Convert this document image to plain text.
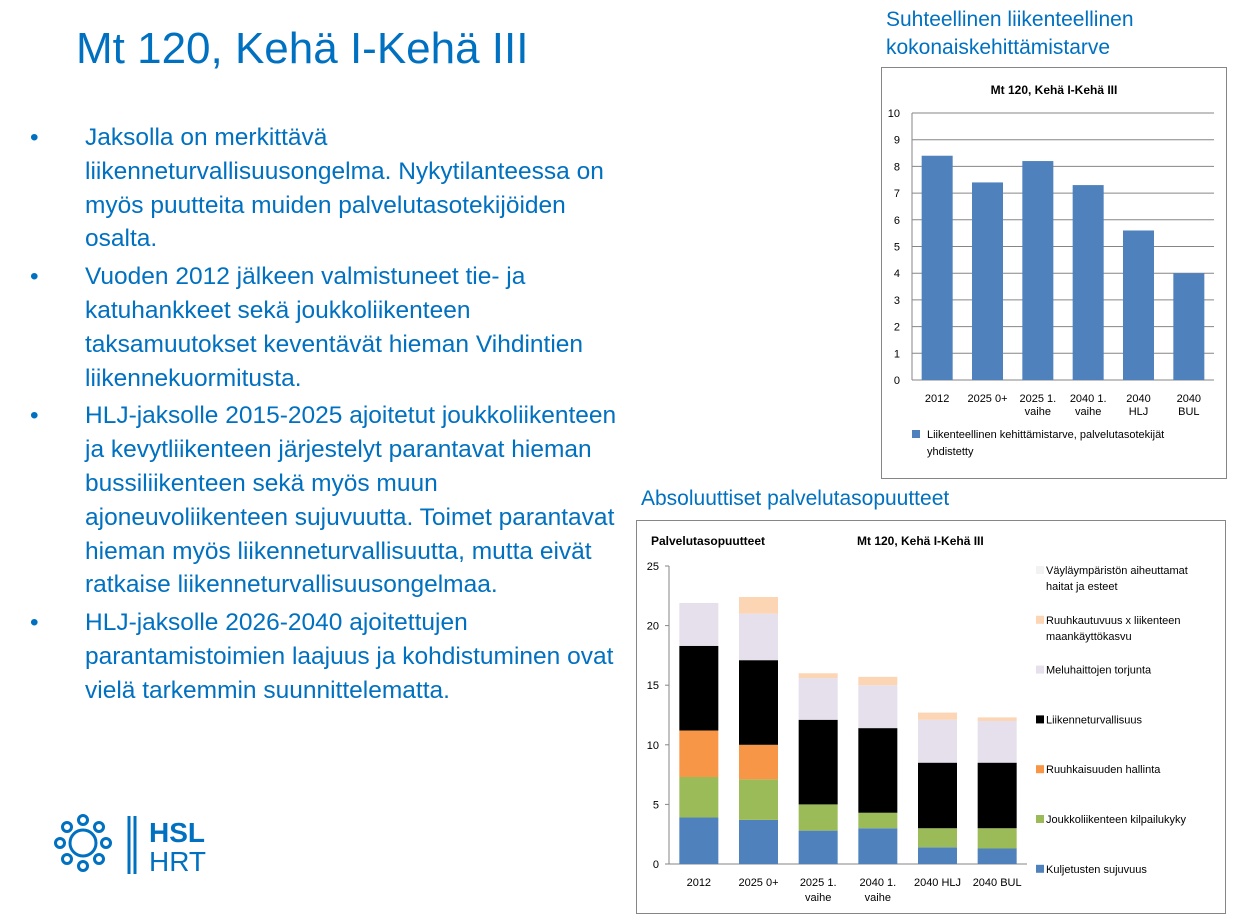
Mt 120, Kehä I-Kehä III
• Jaksolla on merkittävä liikenneturvallisuusongelma. Nykytilanteessa on myös puutteita muiden palvelutasotekijöiden osalta.
• Vuoden 2012 jälkeen valmistuneet tie- ja katuhankkeet sekä joukkoliikenteen taksamuutokset keventävät hieman Vihdintien liikennekuormitusta.
• HLJ-jaksolle 2015-2025 ajoitetut joukkoliikenteen ja kevytliikenteen järjestelyt parantavat hieman bussiliikenteen sekä myös muun ajoneuvoliikenteen sujuvuutta. Toimet parantavat hieman myös liikenneturvallisuutta, mutta eivät ratkaise liikenneturvallisuusongelmaa.
• HLJ-jaksolle 2026-2040 ajoitettujen parantamistoimien laajuus ja kohdistuminen ovat vielä tarkemmin suunnittelematta.
Suhteellinen liikenteellinen kokonaiskehittämistarve
Absoluuttiset palvelutasopuutteet
Mt 120, Kehä I-Kehä III
0
1
2
3
4
5
6
7
8
9
10
2012 2025 0+ 2025 1.
vaihe
2040 1.
vaihe
2040
HLJ
2040
BUL
Liikenteellinen kehittämistarve, palvelutasotekijät
yhdistetty
Palvelutasopuutteet	Mt 120, Kehä I-Kehä III
0
5
10
15
20
25
2012 2025 0+ 2025 1.
vaihe
2040 1.
vaihe
2040 HLJ 2040 BUL
Väyläympäristön aiheuttamat
haitat ja esteet
Ruuhkautuvuus x liikenteen
maankäyttökasvu
Meluhaittojen torjunta
Liikenneturvallisuus
Ruuhkaisuuden hallinta
Joukkoliikenteen kilpailukyky
Kuljetusten sujuvuus
HSL
HRT
